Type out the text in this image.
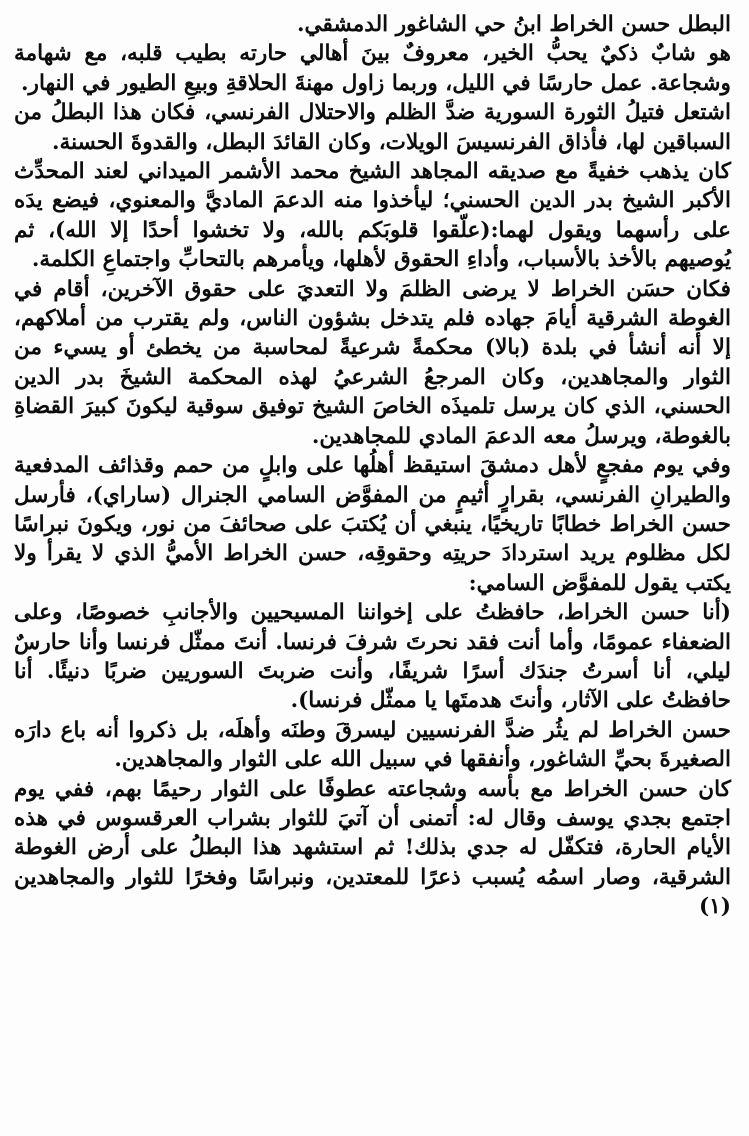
البطل حسن الخراط ابنُ حي الشاغور الدمشقي.

هو شابٌ ذكيٌ يحبُّ الخير، معروفٌ بينَ أهالي حارته بطيب قلبه، مع شهامة وشجاعة. عمل حارسًا في الليل، وربما زاول مهنةَ الحلاقةِ وبيعِ الطيور في النهار.

اشتعل فتيلُ الثورة السورية ضدَّ الظلم والاحتلال الفرنسي، فكان هذا البطلُ من السباقين لها، فأذاق الفرنسيسَ الويلات، وكان القائدَ البطل، والقدوةَ الحسنة.

كان يذهب خفيةً مع صديقه المجاهد الشيخ محمد الأشمر الميداني لعند المحدِّث الأكبر الشيخ بدر الدين الحسني؛ ليأخذوا منه الدعمَ الماديَّ والمعنوي، فيضع يدَه على رأسهما ويقول لهما:(علّقوا قلوبَكم بالله، ولا تخشوا أحدًا إلا الله)، ثم يُوصيهم بالأخذ بالأسباب، وأداءِ الحقوق لأهلها، ويأمرهم بالتحابِّ واجتماعِ الكلمة.

فكان حسَن الخراط لا يرضى الظلمَ ولا التعديَ على حقوق الآخرين، أقام في الغوطة الشرقية أيامَ جهاده فلم يتدخل بشؤون الناس، ولم يقترب من أملاكهم، إلا أنه أنشأ في بلدة (بالا) محكمةً شرعيةً لمحاسبة من يخطئ أو يسيء من الثوار والمجاهدين، وكان المرجعُ الشرعيُ لهذه المحكمة الشيخَ بدر الدين الحسني، الذي كان يرسل تلميذَه الخاصَ الشيخ توفيق سوقية ليكونَ كبيرَ القضاةِ بالغوطة، ويرسلُ معه الدعمَ المادي للمجاهدين.

وفي يوم مفجعٍ لأهل دمشقَ استيقظ أهلُها على وابلٍ من حمم وقذائف المدفعية والطيرانِ الفرنسي، بقرارٍ أثيمٍ من المفوَّض السامي الجنرال (ساراي)، فأرسل حسن الخراط خطابًا تاريخيًا، ينبغي أن يُكتبَ على صحائفَ من نور، ويكونَ نبراسًا لكل مظلوم يريد استردادَ حريتِه وحقوقِه، حسن الخراط الأميُّ الذي لا يقرأ ولا يكتب يقول للمفوَّض السامي:

(أنا حسن الخراط، حافظتُ على إخواننا المسيحيين والأجانبِ خصوصًا، وعلى الضعفاء عمومًا، وأما أنت فقد نحرتَ شرفَ فرنسا. أنتَ ممثّل فرنسا وأنا حارسٌ ليلي، أنا أسرتُ جندَك أسرًا شريفًا، وأنت ضربتَ السوريين ضربًا دنيئًا. أنا حافظتُ على الآثار، وأنتَ هدمتَها يا ممثّل فرنسا).

حسن الخراط لم يثُر ضدَّ الفرنسيين ليسرقَ وطنَه وأهلَه، بل ذكروا أنه باع دارَه الصغيرةَ بحيِّ الشاغور، وأنفقها في سبيل الله على الثوار والمجاهدين.

كان حسن الخراط مع بأسه وشجاعته عطوفًا على الثوار رحيمًا بهم، ففي يوم اجتمع بجدي يوسف وقال له: أتمنى أن آتيَ للثوار بشراب العرقسوس في هذه الأيام الحارة، فتكفّل له جدي بذلك! ثم استشهد هذا البطلُ على أرض الغوطة الشرقية، وصار اسمُه يُسبب ذعرًا للمعتدين، ونبراسًا وفخرًا للثوار والمجاهدين (١)
